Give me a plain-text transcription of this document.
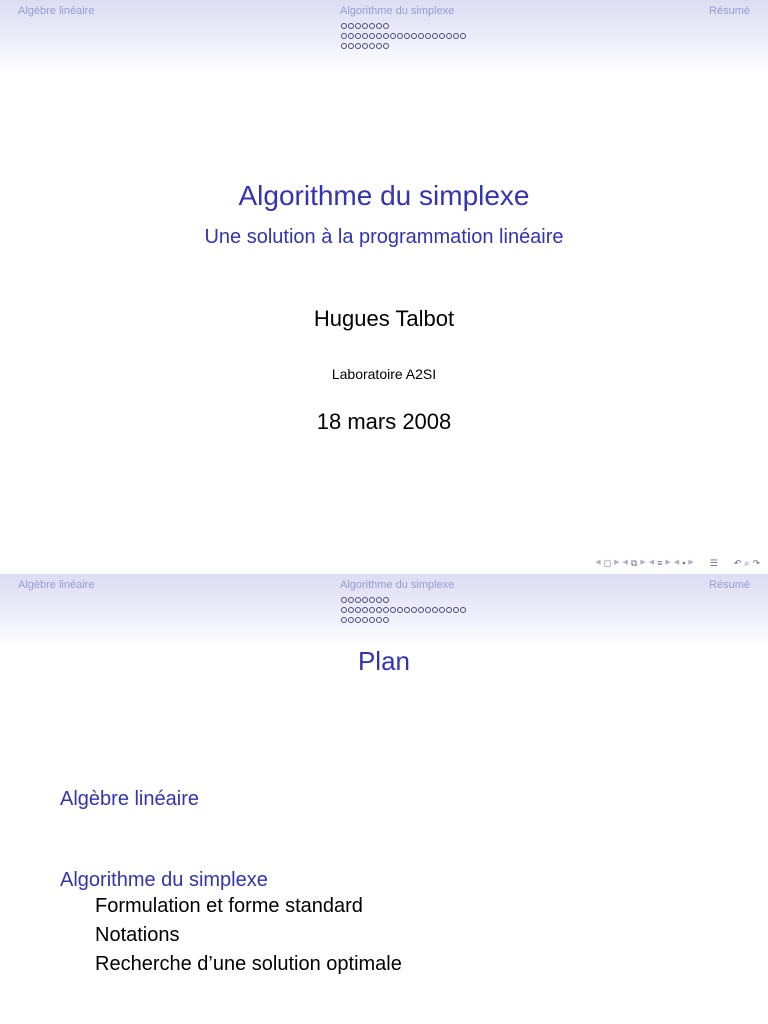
Algèbre linéaire	Algorithme du simplexe	Résumé
Algorithme du simplexe
Une solution à la programmation linéaire
Hugues Talbot
Laboratoire A2SI
18 mars 2008
◀ ◻ ▶ ◀ ⧉ ▶ ◀ ≡ ▶ ◀ ▪ ▶ ☰ ↶ ⌕ ↷
Algèbre linéaire	Algorithme du simplexe	Résumé
Plan
Algèbre linéaire
Algorithme du simplexe
Formulation et forme standard
Notations
Recherche d’une solution optimale
